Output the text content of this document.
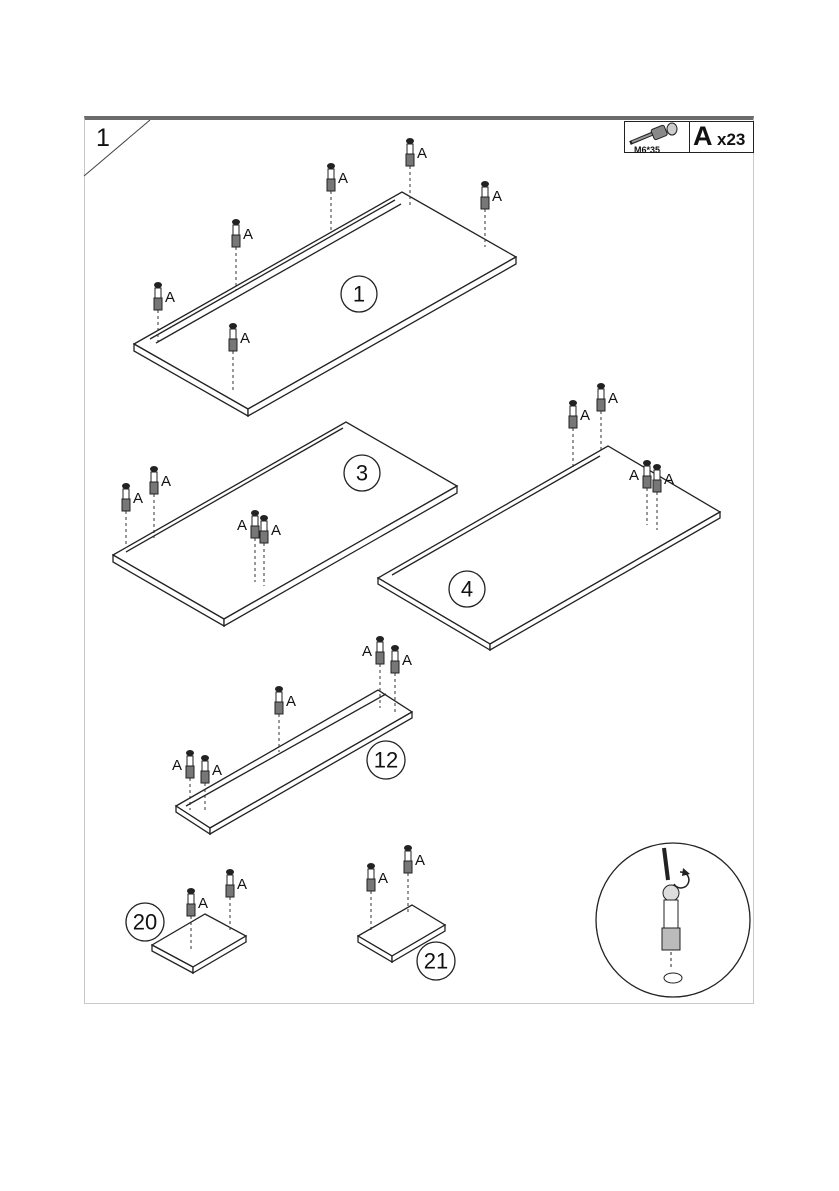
1	M6*35 A x23
A
A
A
A
A
A
A
A
A A
A
A
A A
A A
A
A
A
A
A	A
A
1
3
4
12
20
21
